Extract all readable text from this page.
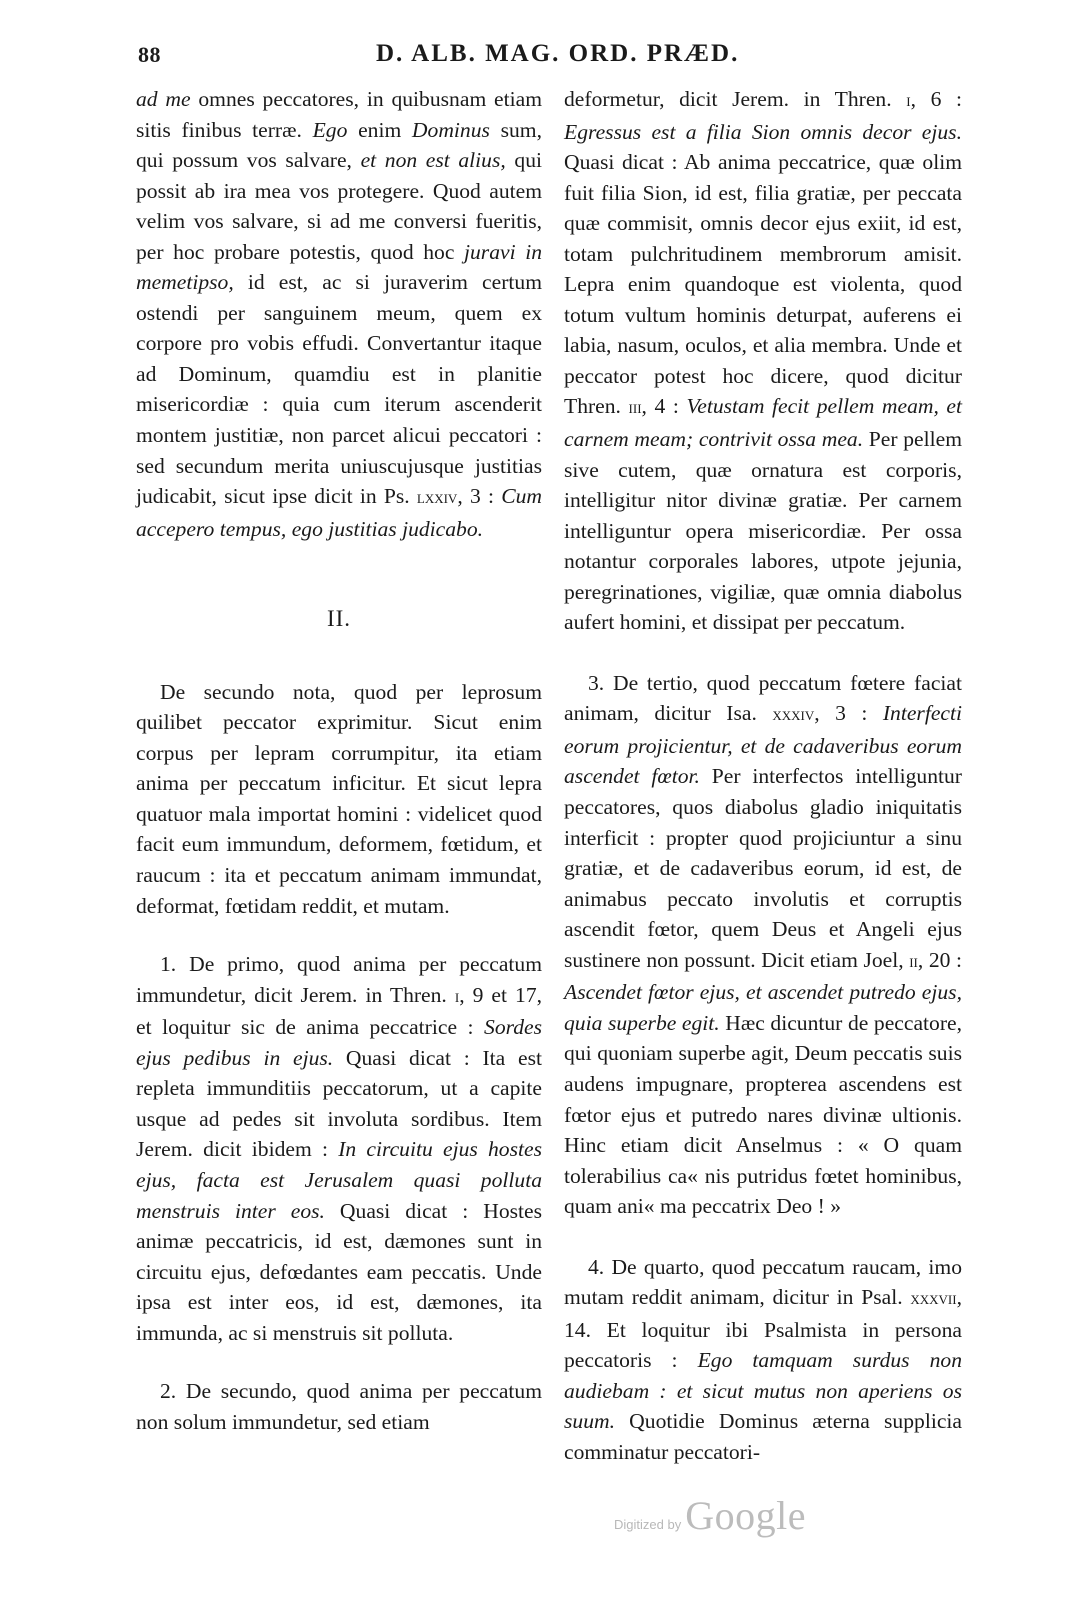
88	D. ALB. MAG. ORD. PRÆD.

ad me omnes peccatores, in quibusnam etiam sitis finibus terræ. Ego enim Dominus sum, qui possum vos salvare, et non est alius, qui possit ab ira mea vos protegere. Quod autem velim vos salvare, si ad me conversi fueritis, per hoc probare potestis, quod hoc juravi in memetipso, id est, ac si juraverim certum ostendi per sanguinem meum, quem ex corpore pro vobis effudi. Convertantur itaque ad Dominum, quamdiu est in planitie misericordiæ : quia cum iterum ascenderit montem justitiæ, non parcet alicui peccatori : sed secundum merita uniuscujusque justitias judicabit, sicut ipse dicit in Ps. lxxiv, 3 : Cum accepero tempus, ego justitias judicabo.

II.

De secundo nota, quod per leprosum quilibet peccator exprimitur. Sicut enim corpus per lepram corrumpitur, ita etiam anima per peccatum inficitur. Et sicut lepra quatuor mala importat homini : videlicet quod facit eum immundum, deformem, fœtidum, et raucum : ita et peccatum animam immundat, deformat, fœtidam reddit, et mutam.

1. De primo, quod anima per peccatum immundetur, dicit Jerem. in Thren. i, 9 et 17, et loquitur sic de anima peccatrice : Sordes ejus pedibus in ejus. Quasi dicat : Ita est repleta immunditiis peccatorum, ut a capite usque ad pedes sit involuta sordibus. Item Jerem. dicit ibidem : In circuitu ejus hostes ejus, facta est Jerusalem quasi polluta menstruis inter eos. Quasi dicat : Hostes animæ peccatricis, id est, dæmones sunt in circuitu ejus, defœdantes eam peccatis. Unde ipsa est inter eos, id est, dæmones, ita immunda, ac si menstruis sit polluta.

2. De secundo, quod anima per peccatum non solum immundetur, sed etiam

deformetur, dicit Jerem. in Thren. i, 6 : Egressus est a filia Sion omnis decor ejus. Quasi dicat : Ab anima peccatrice, quæ olim fuit filia Sion, id est, filia gratiæ, per peccata quæ commisit, omnis decor ejus exiit, id est, totam pulchritudinem membrorum amisit. Lepra enim quandoque est violenta, quod totum vultum hominis deturpat, auferens ei labia, nasum, oculos, et alia membra. Unde et peccator potest hoc dicere, quod dicitur Thren. iii, 4 : Vetustam fecit pellem meam, et carnem meam; contrivit ossa mea. Per pellem sive cutem, quæ ornatura est corporis, intelligitur nitor divinæ gratiæ. Per carnem intelliguntur opera misericordiæ. Per ossa notantur corporales labores, utpote jejunia, peregrinationes, vigiliæ, quæ omnia diabolus aufert homini, et dissipat per peccatum.

3. De tertio, quod peccatum fœtere faciat animam, dicitur Isa. xxxiv, 3 : Interfecti eorum projicientur, et de cadaveribus eorum ascendet fœtor. Per interfectos intelliguntur peccatores, quos diabolus gladio iniquitatis interficit : propter quod projiciuntur a sinu gratiæ, et de cadaveribus eorum, id est, de animabus peccato involutis et corruptis ascendit fœtor, quem Deus et Angeli ejus sustinere non possunt. Dicit etiam Joel, ii, 20 : Ascendet fœtor ejus, et ascendet putredo ejus, quia superbe egit. Hæc dicuntur de peccatore, qui quoniam superbe agit, Deum peccatis suis audens impugnare, propterea ascendens est fœtor ejus et putredo nares divinæ ultionis. Hinc etiam dicit Anselmus : « O quam tolerabilius ca« nis putridus fœtet hominibus, quam ani« ma peccatrix Deo ! »

4. De quarto, quod peccatum raucam, imo mutam reddit animam, dicitur in Psal. xxxvii, 14. Et loquitur ibi Psalmista in persona peccatoris : Ego tamquam surdus non audiebam : et sicut mutus non aperiens os suum. Quotidie Dominus æterna supplicia comminatur peccatori-

Digitized by Google
